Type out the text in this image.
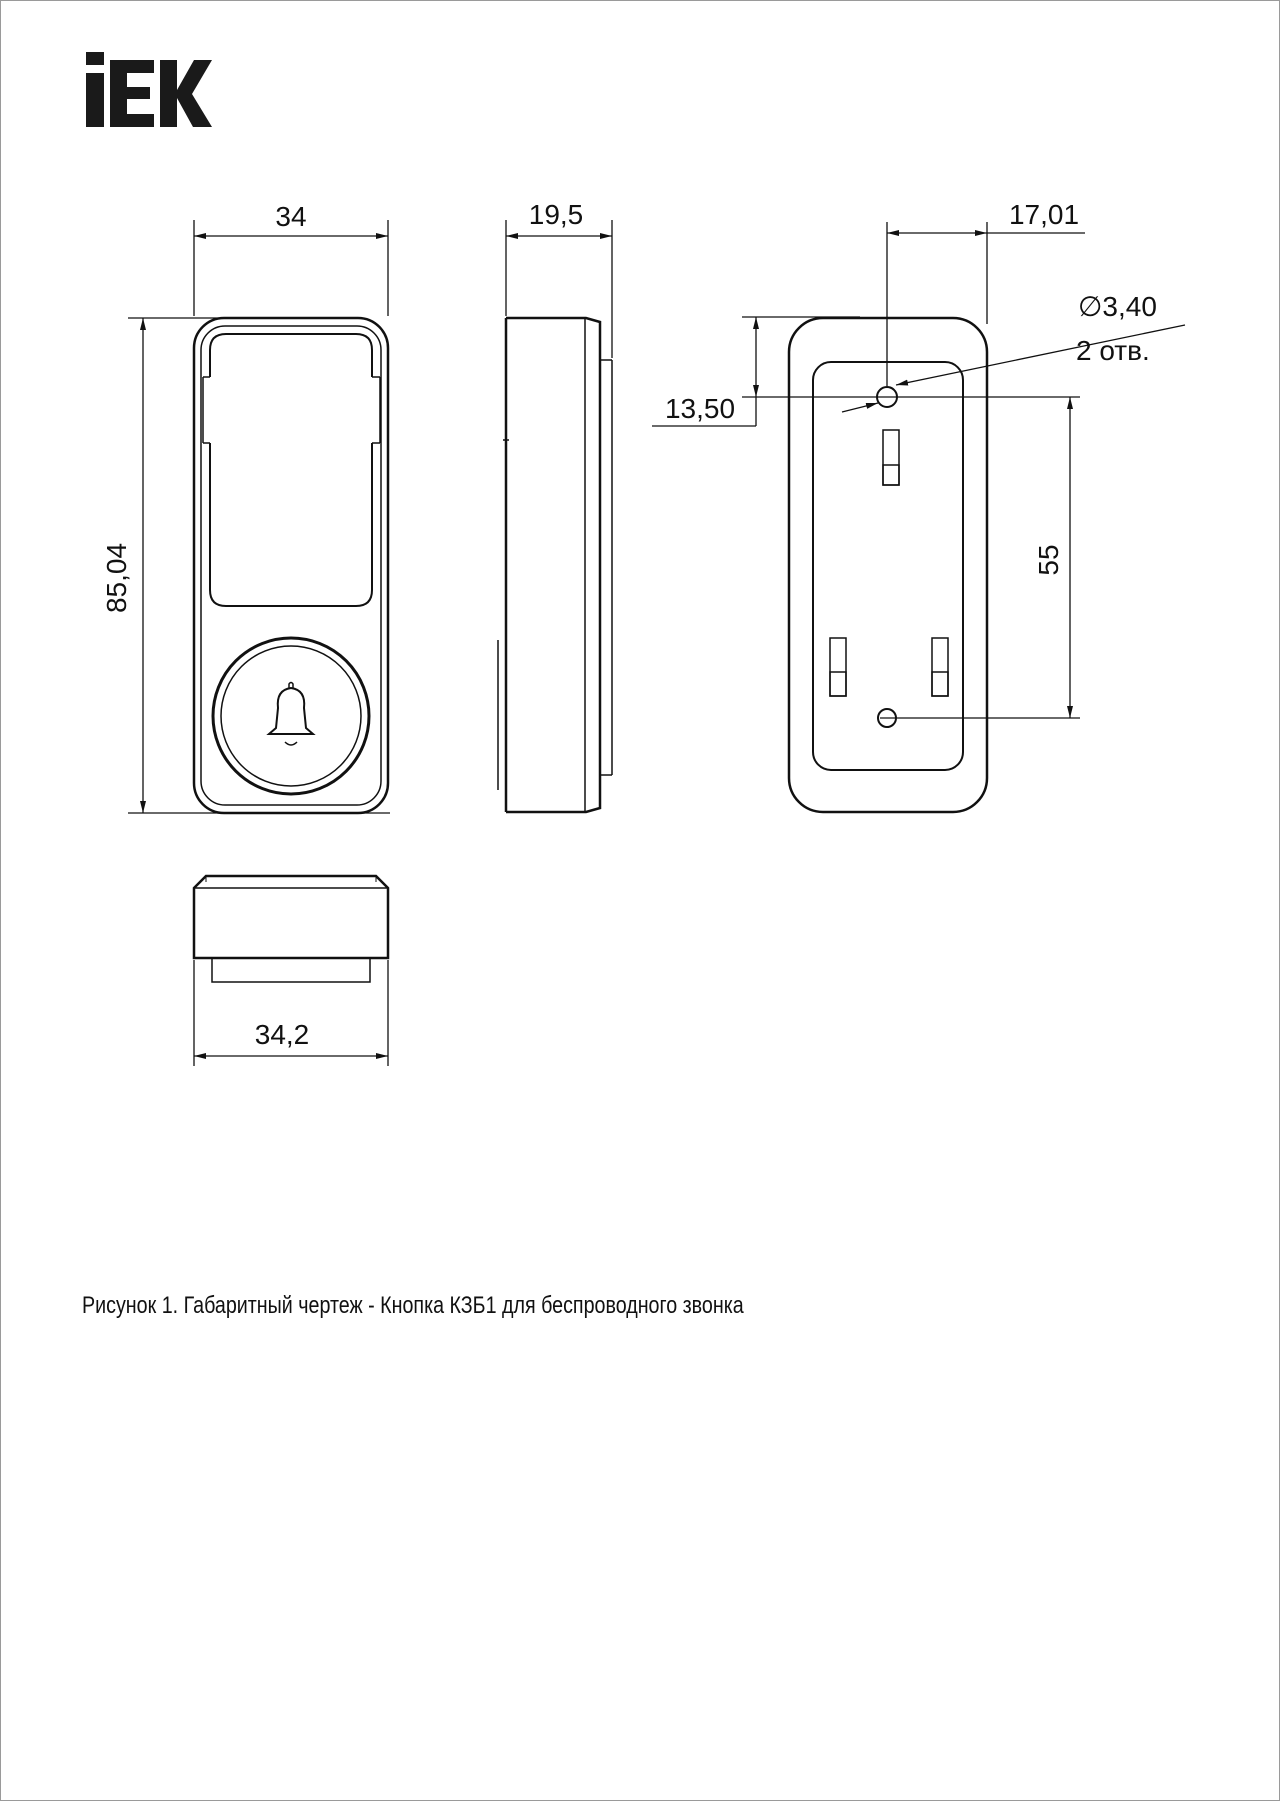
34	19,5
85,04
34,2
17,01
∅3,40
2 отв.
13,50
55
Рисунок 1. Габаритный чертеж - Кнопка КЗБ1 для беспроводного звонка
